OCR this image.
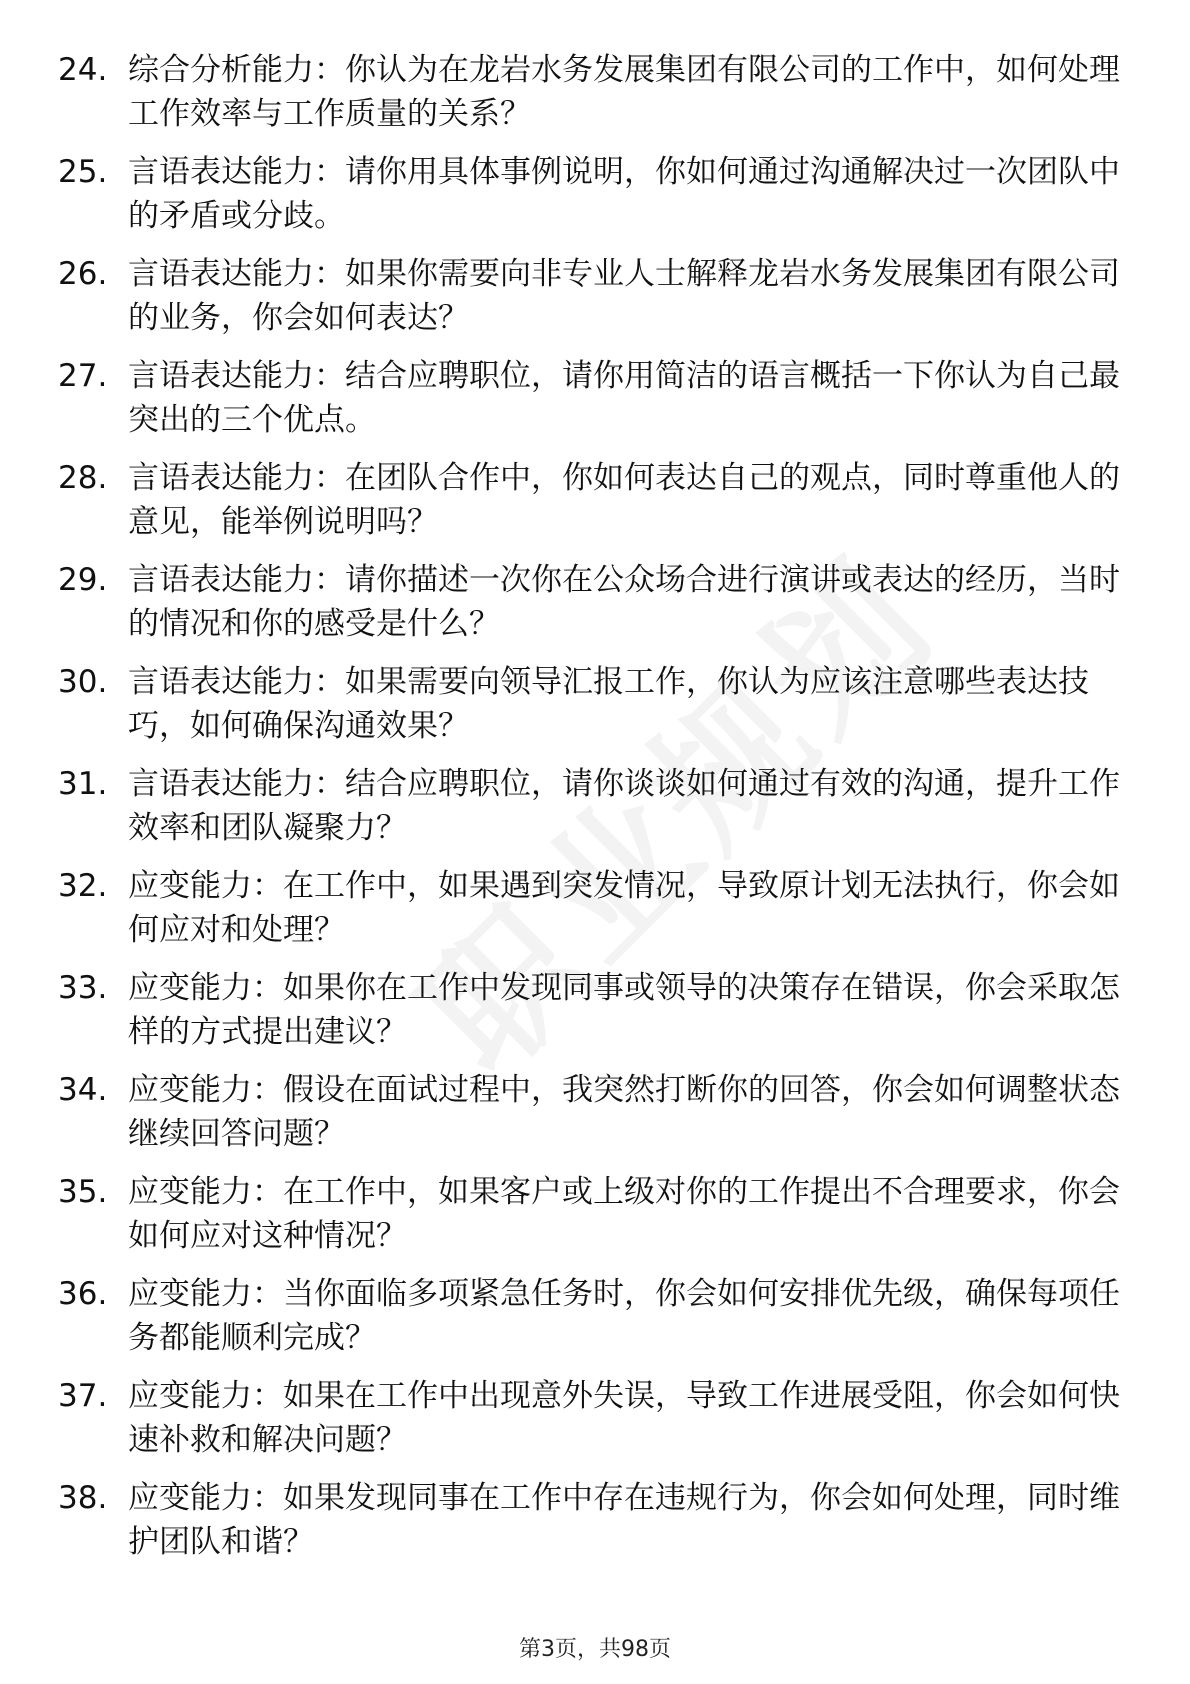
24. 综合分析能力：你认为在龙岩水务发展集团有限公司的工作中，如何处理工作效率与工作质量的关系？
25. 言语表达能力：请你用具体事例说明，你如何通过沟通解决过一次团队中的矛盾或分歧。
26. 言语表达能力：如果你需要向非专业人士解释龙岩水务发展集团有限公司的业务，你会如何表达？
27. 言语表达能力：结合应聘职位，请你用简洁的语言概括一下你认为自己最突出的三个优点。
28. 言语表达能力：在团队合作中，你如何表达自己的观点，同时尊重他人的意见，能举例说明吗？
29. 言语表达能力：请你描述一次你在公众场合进行演讲或表达的经历，当时的情况和你的感受是什么？
30. 言语表达能力：如果需要向领导汇报工作，你认为应该注意哪些表达技巧，如何确保沟通效果？
31. 言语表达能力：结合应聘职位，请你谈谈如何通过有效的沟通，提升工作效率和团队凝聚力？
32. 应变能力：在工作中，如果遇到突发情况，导致原计划无法执行，你会如何应对和处理？
33. 应变能力：如果你在工作中发现同事或领导的决策存在错误，你会采取怎样的方式提出建议？
34. 应变能力：假设在面试过程中，我突然打断你的回答，你会如何调整状态继续回答问题？
35. 应变能力：在工作中，如果客户或上级对你的工作提出不合理要求，你会如何应对这种情况？
36. 应变能力：当你面临多项紧急任务时，你会如何安排优先级，确保每项任务都能顺利完成？
37. 应变能力：如果在工作中出现意外失误，导致工作进展受阻，你会如何快速补救和解决问题？
38. 应变能力：如果发现同事在工作中存在违规行为，你会如何处理，同时维护团队和谐？
第3页，共98页
